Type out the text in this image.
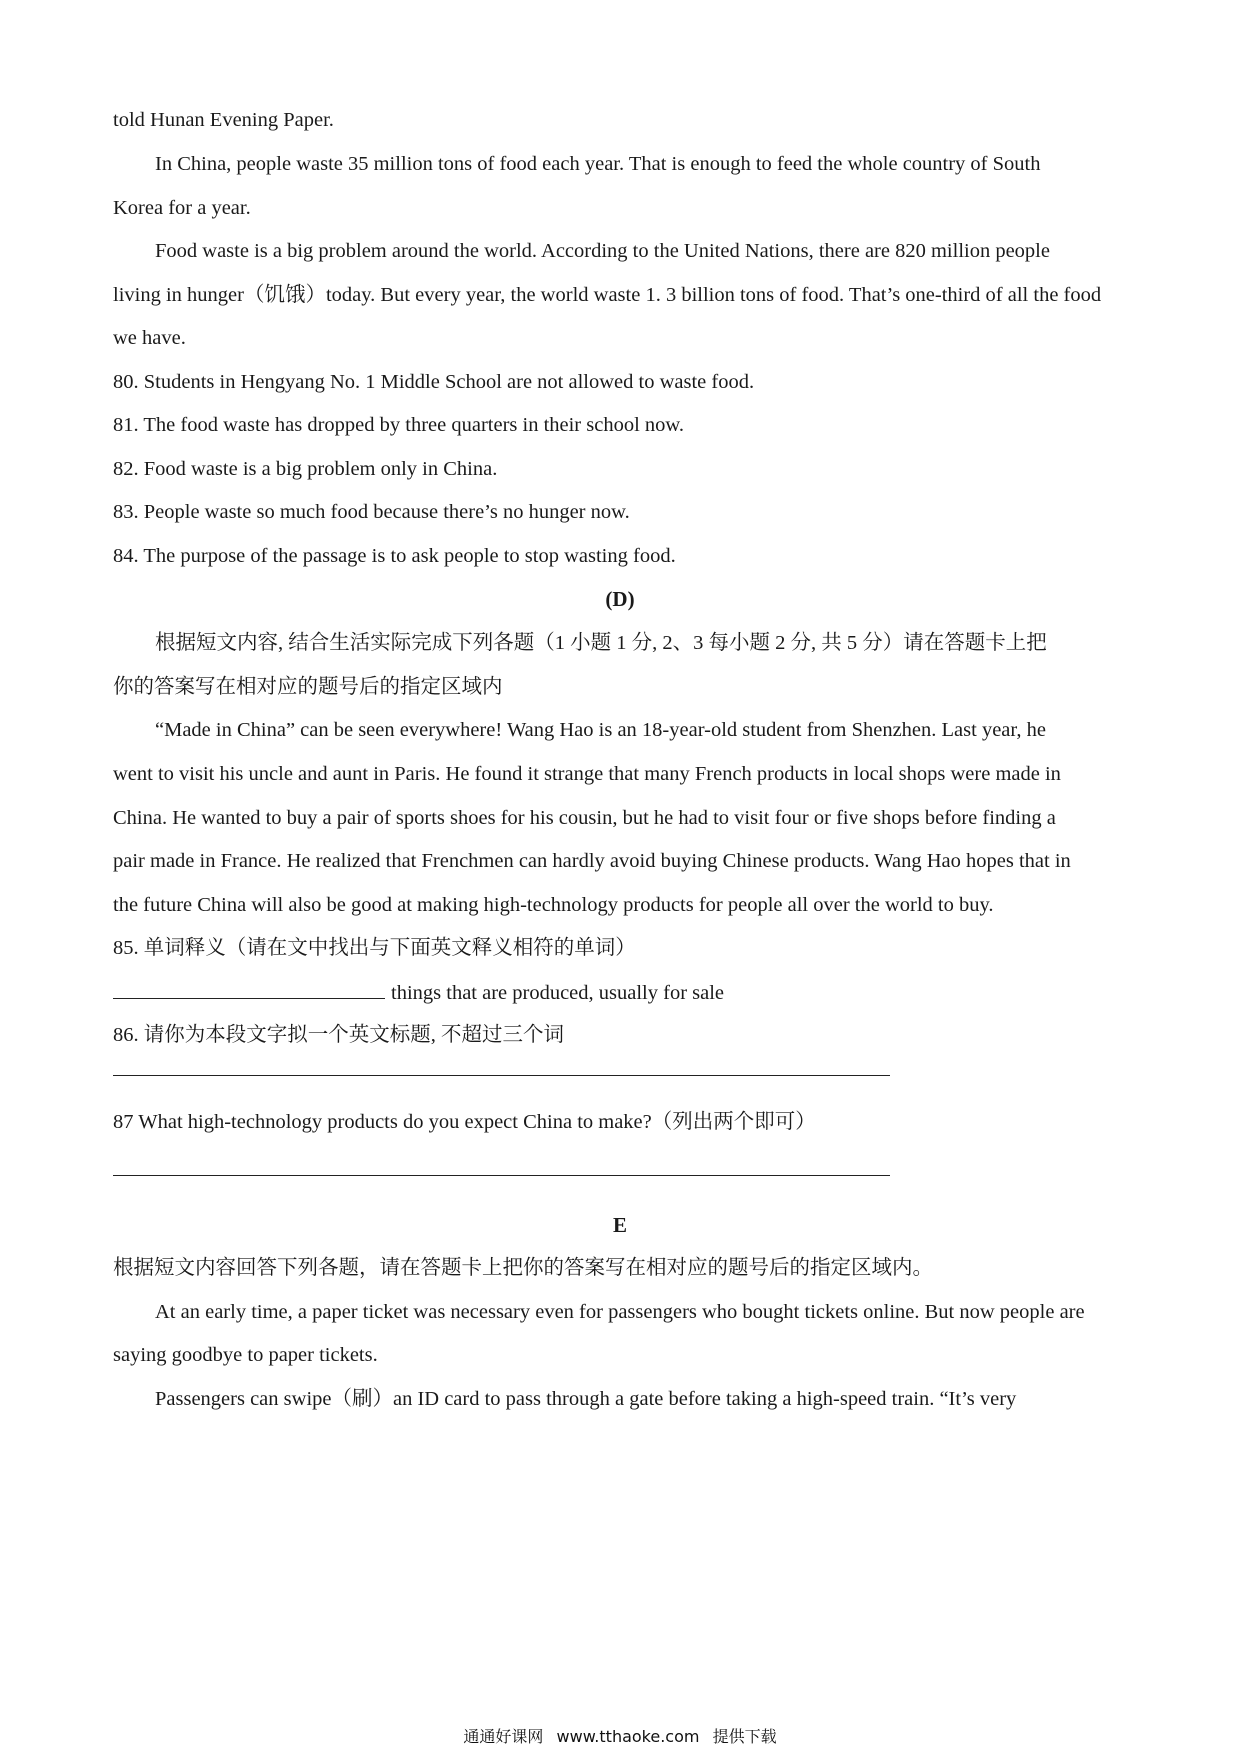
told Hunan Evening Paper.
In China, people waste 35 million tons of food each year. That is enough to feed the whole country of South
Korea for a year.
Food waste is a big problem around the world. According to the United Nations, there are 820 million people
living in hunger（饥饿）today. But every year, the world waste 1. 3 billion tons of food. That’s one-third of all the food
we have.
80. Students in Hengyang No. 1 Middle School are not allowed to waste food.
81. The food waste has dropped by three quarters in their school now.
82. Food waste is a big problem only in China.
83. People waste so much food because there’s no hunger now.
84. The purpose of the passage is to ask people to stop wasting food.
(D)
根据短文内容, 结合生活实际完成下列各题（1 小题 1 分, 2、3 每小题 2 分, 共 5 分）请在答题卡上把
你的答案写在相对应的题号后的指定区域内
“Made in China” can be seen everywhere! Wang Hao is an 18-year-old student from Shenzhen. Last year, he
went to visit his uncle and aunt in Paris. He found it strange that many French products in local shops were made in
China. He wanted to buy a pair of sports shoes for his cousin, but he had to visit four or five shops before finding a
pair made in France. He realized that Frenchmen can hardly avoid buying Chinese products. Wang Hao hopes that in
the future China will also be good at making high-technology products for people all over the world to buy.
85. 单词释义（请在文中找出与下面英文释义相符的单词）
things that are produced, usually for sale
86. 请你为本段文字拟一个英文标题, 不超过三个词
87 What high-technology products do you expect China to make?（列出两个即可）
E
根据短文内容回答下列各题，请在答题卡上把你的答案写在相对应的题号后的指定区域内。
At an early time, a paper ticket was necessary even for passengers who bought tickets online. But now people are
saying goodbye to paper tickets.
Passengers can swipe（刷）an ID card to pass through a gate before taking a high-speed train. “It’s very
通通好课网 www.tthaoke.com 提供下载
